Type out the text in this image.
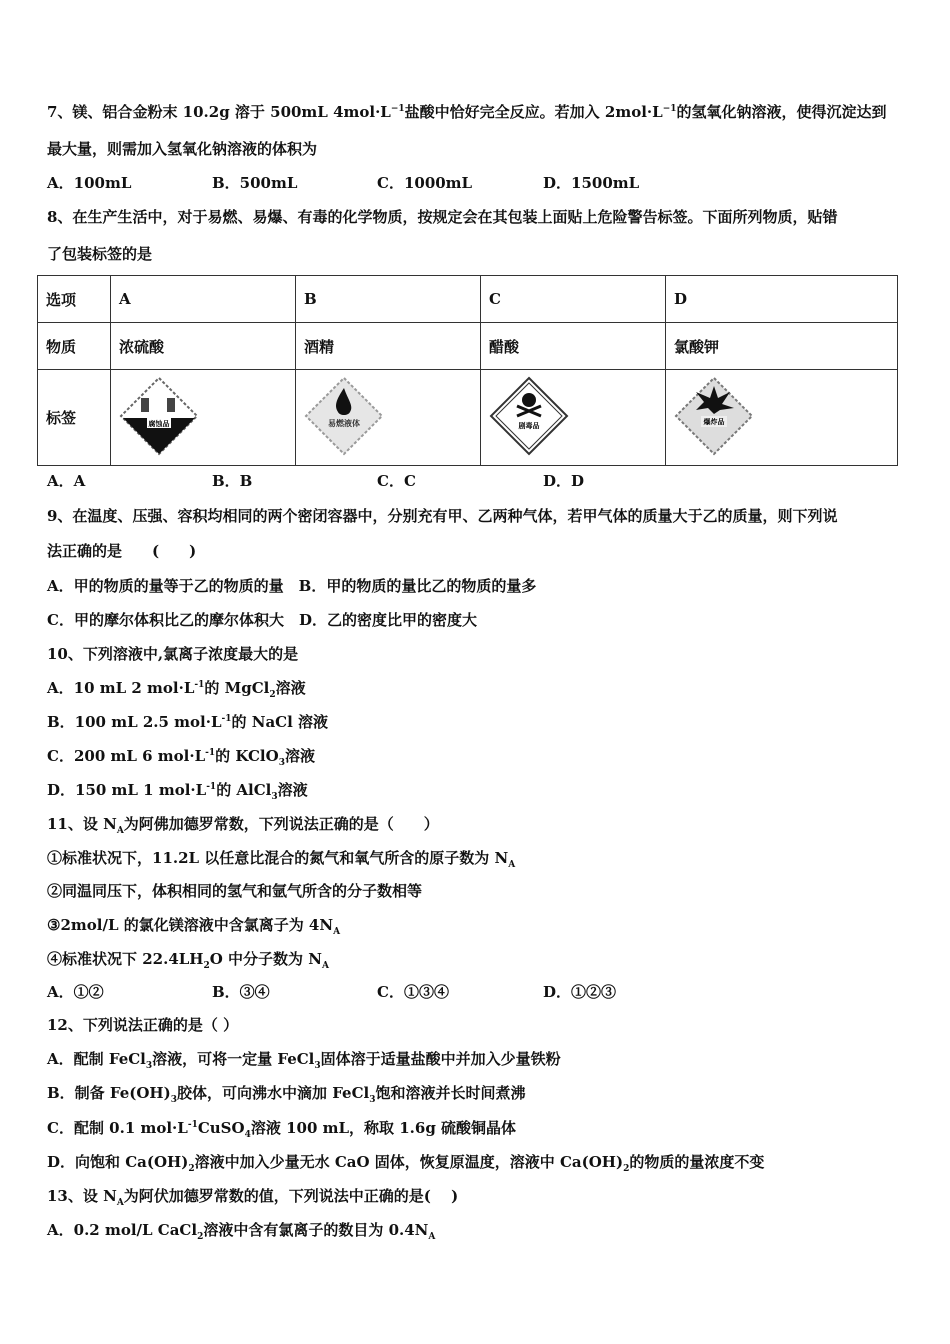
选项	A	B	C	D
物质	浓硫酸	酒精	醋酸	氯酸钾
标签	腐蚀品	易燃液体	剧毒品	爆炸品
7、镁、铝合金粉末 10.2g 溶于 500mL $4mol\cdot L^{-1}$盐酸中恰好完全反应。若加入 $2mol\cdot L^{-1}$的氢氧化钠溶液，使得沉淀达到
最大量，则需加入氢氧化钠溶液的体积为
A．100mL	B．500mL	C．1000mL	D．1500mL
8、在生产生活中，对于易燃、易爆、有毒的化学物质，按规定会在其包装上面贴上危险警告标签。下面所列物质，贴错
了包装标签的是
A．A	B．B	C．C	D．D
9、在温度、压强、容积均相同的两个密闭容器中，分别充有甲、乙两种气体，若甲气体的质量大于乙的质量，则下列说
法正确的是　　(　　)
A．甲的物质的量等于乙的物质的量　B．甲的物质的量比乙的物质的量多
C．甲的摩尔体积比乙的摩尔体积大　D．乙的密度比甲的密度大
10、下列溶液中,氯离子浓度最大的是
A．10 mL 2 $mol\cdot L^{-1}$的 MgCl$_2$溶液
B．100 mL 2.5 $mol\cdot L^{-1}$的 NaCl 溶液
C．200 mL 6 $mol\cdot L^{-1}$的 KClO$_3$溶液
D．150 mL 1 $mol\cdot L^{-1}$的 AlCl$_3$溶液
11、设 $N_A$为阿佛加德罗常数，下列说法正确的是（　　）
①标准状况下，11.2L 以任意比混合的氮气和氧气所含的原子数为 $N_A$
②同温同压下，体积相同的氢气和氩气所含的分子数相等
③2mol/L 的氯化镁溶液中含氯离子为 $4N_A$
④标准状况下 $22.4LH_2O$ 中分子数为 $N_A$
A．①②	B．③④	C．①③④	D．①②③
12、下列说法正确的是（ ）
A．配制 FeCl$_3$溶液，可将一定量 FeCl$_3$固体溶于适量盐酸中并加入少量铁粉
B．制备 $Fe(OH)_3$胶体，可向沸水中滴加 FeCl$_3$饱和溶液并长时间煮沸
C．配制 0.1 $mol\cdot L^{-1}CuSO_4$溶液 100 mL，称取 1.6g 硫酸铜晶体
D．向饱和 $Ca(OH)_2$溶液中加入少量无水 CaO 固体，恢复原温度，溶液中 $Ca(OH)_2$的物质的量浓度不变
13、设 $N_A$为阿伏加德罗常数的值，下列说法中正确的是(　 )
A．0.2 mol/L CaCl$_2$溶液中含有氯离子的数目为 $0.4N_A$
